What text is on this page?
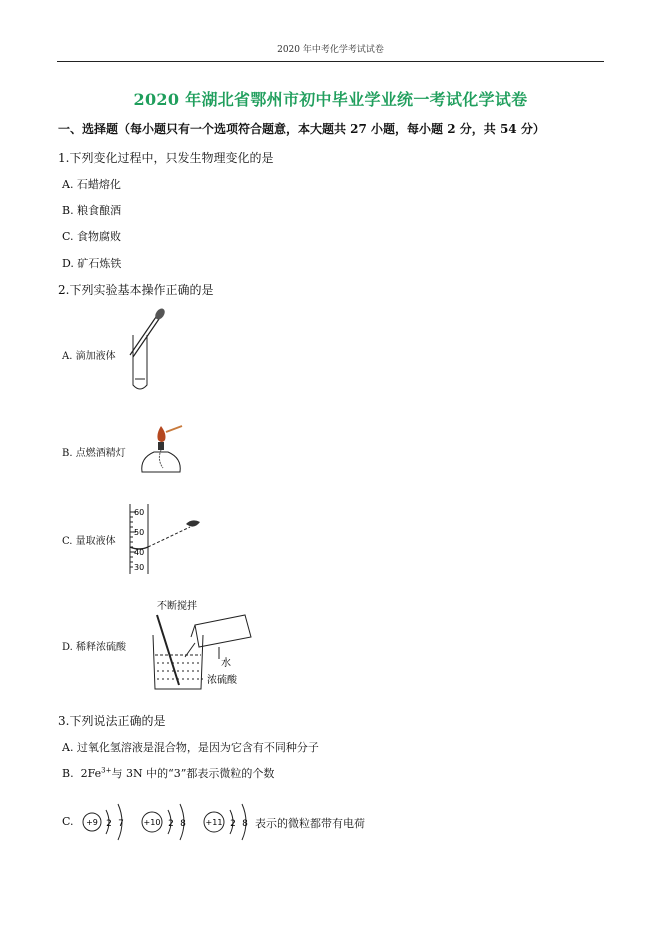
2020 年中考化学考试试卷
2020 年湖北省鄂州市初中毕业学业统一考试化学试卷
一、选择题（每小题只有一个选项符合题意，本大题共 27 小题，每小题 2 分，共 54 分）
1.下列变化过程中，只发生物理变化的是
A. 石蜡熔化
B. 粮食酿酒
C. 食物腐败
D. 矿石炼铁
2.下列实验基本操作正确的是
A. 滴加液体
B. 点燃酒精灯
C. 量取液体
60
50
40
30
D. 稀释浓硫酸
不断搅拌
水
浓硫酸
3.下列说法正确的是
A. 过氧化氢溶液是混合物，是因为它含有不同种分子
B. $2Fe^{3+}$与 3N 中的“3”都表示微粒的个数
C. +9 2 7 +10 2 8 +11 2 8 表示的微粒都带有电荷
